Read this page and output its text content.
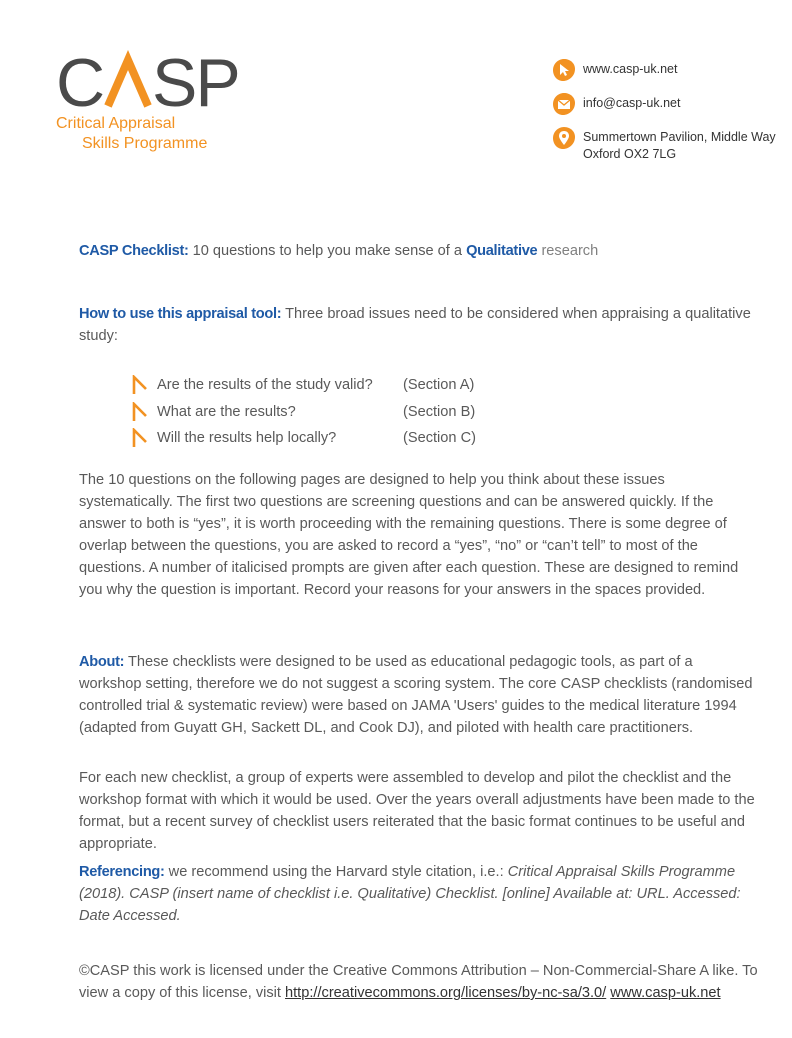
C SP
Critical Appraisal
Skills Programme
www.casp-uk.net
info@casp-uk.net
Summertown Pavilion, Middle Way Oxford OX2 7LG
CASP Checklist: 10 questions to help you make sense of a Qualitative research
How to use this appraisal tool: Three broad issues need to be considered when appraising a qualitative study:
Are the results of the study valid?	(Section A)
What are the results?	(Section B)
Will the results help locally?	(Section C)
The 10 questions on the following pages are designed to help you think about these issues systematically. The first two questions are screening questions and can be answered quickly. If the answer to both is “yes”, it is worth proceeding with the remaining questions. There is some degree of overlap between the questions, you are asked to record a “yes”, “no” or “can’t tell” to most of the questions. A number of italicised prompts are given after each question. These are designed to remind you why the question is important. Record your reasons for your answers in the spaces provided.
About: These checklists were designed to be used as educational pedagogic tools, as part of a workshop setting, therefore we do not suggest a scoring system. The core CASP checklists (randomised controlled trial & systematic review) were based on JAMA 'Users' guides to the medical literature 1994 (adapted from Guyatt GH, Sackett DL, and Cook DJ), and piloted with health care practitioners.
For each new checklist, a group of experts were assembled to develop and pilot the checklist and the workshop format with which it would be used. Over the years overall adjustments have been made to the format, but a recent survey of checklist users reiterated that the basic format continues to be useful and appropriate.
Referencing: we recommend using the Harvard style citation, i.e.: Critical Appraisal Skills Programme (2018). CASP (insert name of checklist i.e. Qualitative) Checklist. [online] Available at: URL. Accessed: Date Accessed.
©CASP this work is licensed under the Creative Commons Attribution – Non-Commercial-Share A like. To view a copy of this license, visit http://creativecommons.org/licenses/by-nc-sa/3.0/ www.casp-uk.net
